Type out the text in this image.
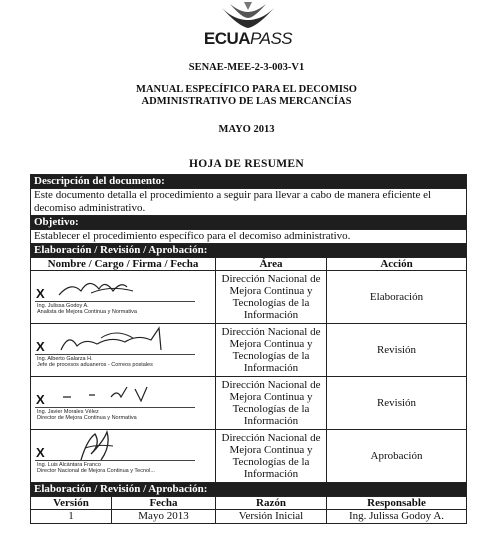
ECUAPASS
SENAE-MEE-2-3-003-V1
MANUAL ESPECÍFICO PARA EL DECOMISO
ADMINISTRATIVO DE LAS MERCANCÍAS
MAYO 2013
HOJA DE RESUMEN
Descripción del documento:		
Este documento detalla el procedimiento a seguir para llevar a cabo de manera eficiente el decomiso administrativo.		
Objetivo:		
Establecer el procedimiento específico para el decomiso administrativo.		
Elaboración / Revisión / Aprobación:		
Nombre / Cargo / Firma / Fecha	Área	Acción

X
Ing. Julissa Godoy A.
Analista de Mejora Continua y Normativa	Dirección Nacional de Mejora Continua y Tecnologías de la Información	Elaboración

X
Ing. Alberto Galarza H.
Jefe de procesos aduaneros - Correos postales	Dirección Nacional de Mejora Continua y Tecnologías de la Información	Revisión

X
Ing. Javier Morales Vélez
Director de Mejora Continua y Normativa	Dirección Nacional de Mejora Continua y Tecnologías de la Información	Revisión

X
Ing. Luis Alcántara Franco
Director Nacional de Mejora Continua y Tecnol...	Dirección Nacional de Mejora Continua y Tecnologías de la Información	Aprobación
Elaboración / Revisión / Aprobación:		

Versión Fecha	Razón	Responsable

1 Mayo 2013	Versión Inicial	Ing. Julissa Godoy A.
